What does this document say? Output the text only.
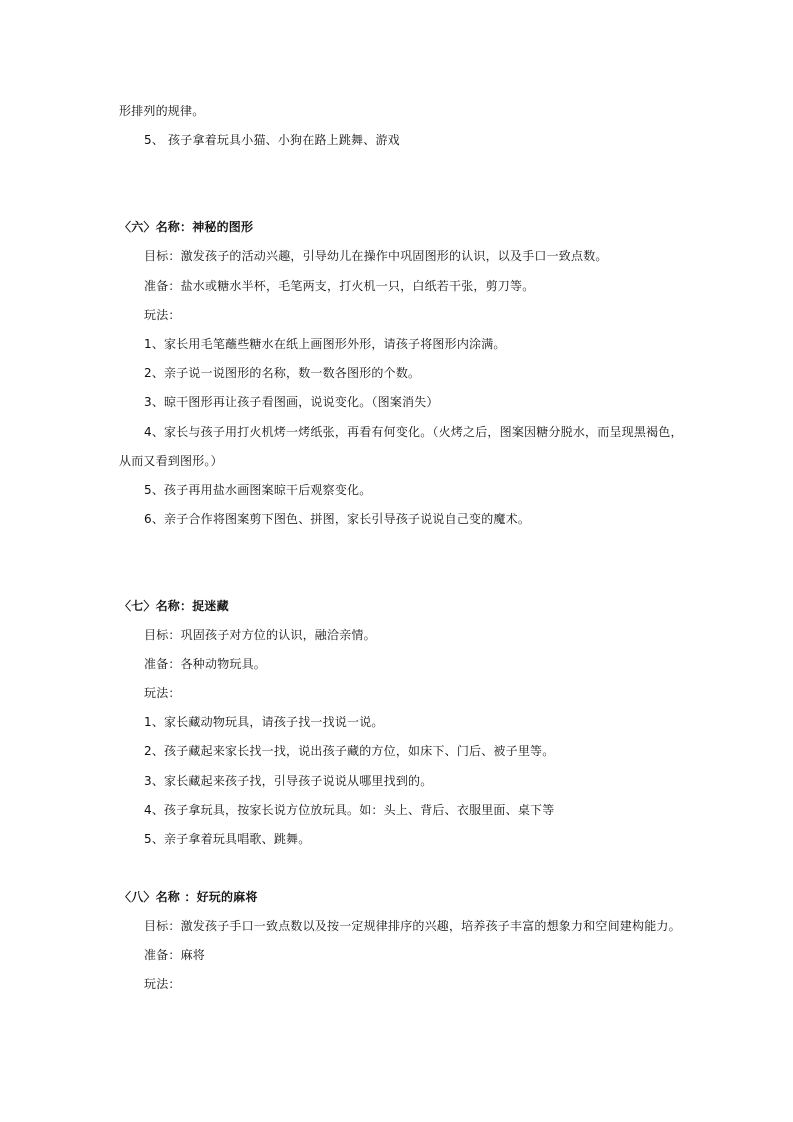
形排列的规律。
5、 孩子拿着玩具小猫、小狗在路上跳舞、游戏
〈六〉名称：神秘的图形
目标：激发孩子的活动兴趣，引导幼儿在操作中巩固图形的认识，以及手口一致点数。
准备：盐水或糖水半杯，毛笔两支，打火机一只，白纸若干张，剪刀等。
玩法：
1、家长用毛笔蘸些糖水在纸上画图形外形，请孩子将图形内涂满。
2、亲子说一说图形的名称，数一数各图形的个数。
3、晾干图形再让孩子看图画，说说变化。（图案消失）
4、家长与孩子用打火机烤一烤纸张，再看有何变化。（火烤之后，图案因糖分脱水，而呈现黑褐色，
从而又看到图形。）
5、孩子再用盐水画图案晾干后观察变化。
6、亲子合作将图案剪下图色、拼图，家长引导孩子说说自己变的魔术。
〈七〉名称：捉迷藏
目标：巩固孩子对方位的认识，融洽亲情。
准备：各种动物玩具。
玩法：
1、家长藏动物玩具，请孩子找一找说一说。
2、孩子藏起来家长找一找，说出孩子藏的方位，如床下、门后、被子里等。
3、家长藏起来孩子找，引导孩子说说从哪里找到的。
4、孩子拿玩具，按家长说方位放玩具。如：头上、背后、衣服里面、桌下等
5、亲子拿着玩具唱歌、跳舞。
〈八〉名称 ：好玩的麻将
目标：激发孩子手口一致点数以及按一定规律排序的兴趣，培养孩子丰富的想象力和空间建构能力。
准备：麻将
玩法：
